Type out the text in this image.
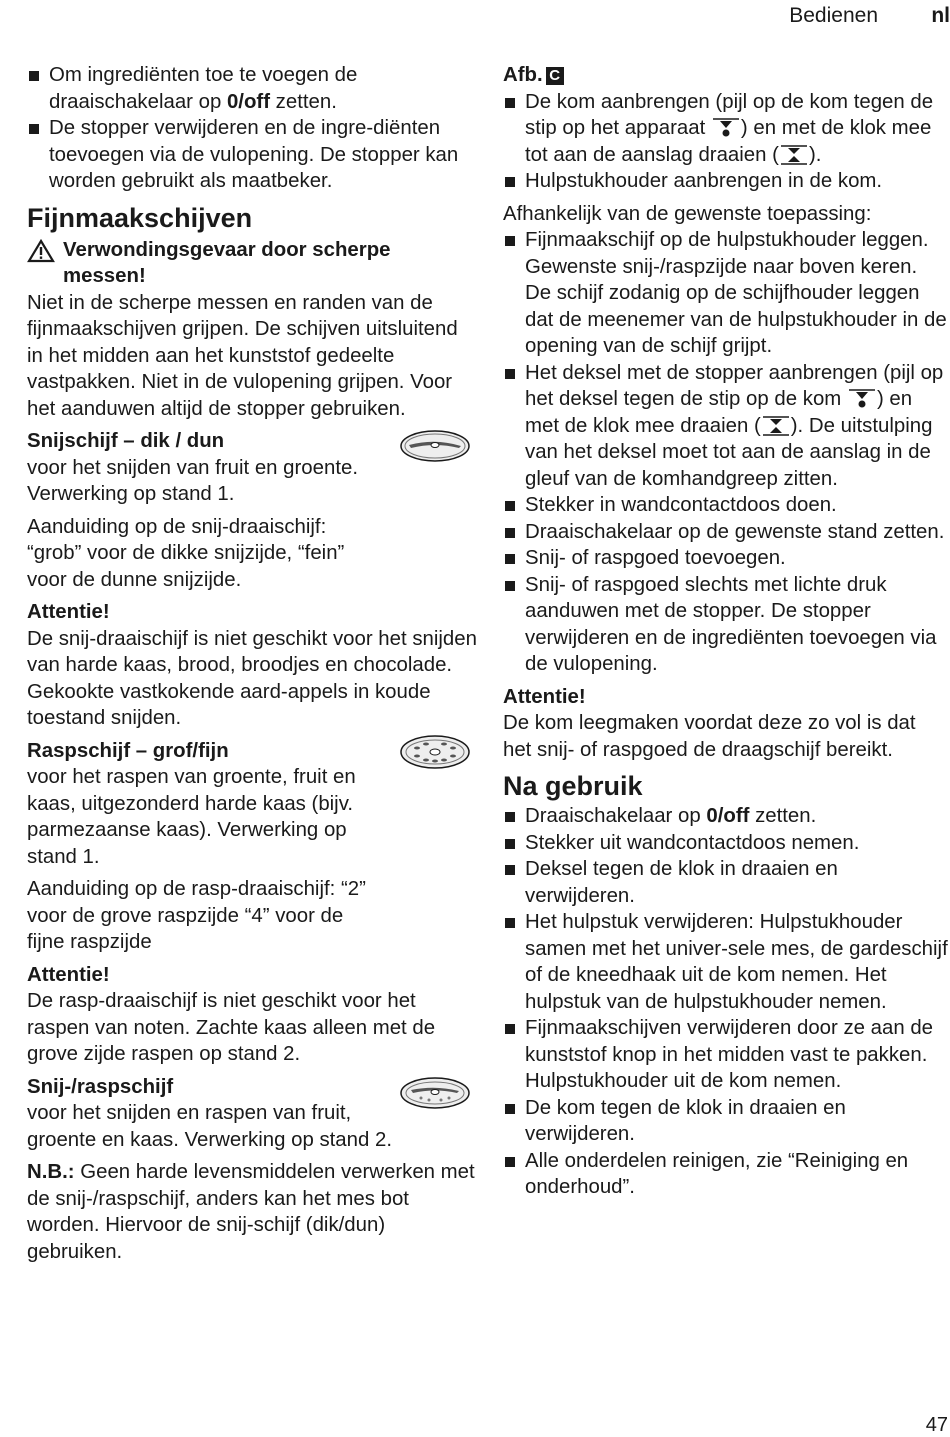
Bedienen	nl
Om ingrediënten toe te voegen de draaischakelaar op 0/off zetten.
De stopper verwijderen en de ingre-diënten toevoegen via de vulopening. De stopper kan worden gebruikt als maatbeker.
Fijnmaakschijven
Verwondingsgevaar door scherpe messen!
Niet in de scherpe messen en randen van de fijnmaakschijven grijpen. De schijven uitsluitend in het midden aan het kunststof gedeelte vastpakken. Niet in de vulopening grijpen. Voor het aanduwen altijd de stopper gebruiken.
Snijschijf – dik / dun
voor het snijden van fruit en groente. Verwerking op stand 1.
Aanduiding op de snij-draaischijf: “grob” voor de dikke snijzijde, “fein” voor de dunne snijzijde.
Attentie!
De snij-draaischijf is niet geschikt voor het snijden van harde kaas, brood, broodjes en chocolade. Gekookte vastkokende aard-appels in koude toestand snijden.
Raspschijf – grof/fijn
voor het raspen van groente, fruit en kaas, uitgezonderd harde kaas (bijv. parmezaanse kaas). Verwerking op stand 1.
Aanduiding op de rasp-draaischijf: “2” voor de grove raspzijde “4” voor de fijne raspzijde
Attentie!
De rasp-draaischijf is niet geschikt voor het raspen van noten. Zachte kaas alleen met de grove zijde raspen op stand 2.
Snij-/raspschijf
voor het snijden en raspen van fruit, groente en kaas. Verwerking op stand 2.
N.B.: Geen harde levensmiddelen verwerken met de snij-/raspschijf, anders kan het mes bot worden. Hiervoor de snij-schijf (dik/dun) gebruiken.
Afb. C
De kom aanbrengen (pijl op de kom tegen de stip op het apparaat ) en met de klok mee tot aan de aanslag draaien ( ).
Hulpstukhouder aanbrengen in de kom.
Afhankelijk van de gewenste toepassing:
Fijnmaakschijf op de hulpstukhouder leggen. Gewenste snij-/raspzijde naar boven keren. De schijf zodanig op de schijfhouder leggen dat de meenemer van de hulpstukhouder in de opening van de schijf grijpt.
Het deksel met de stopper aanbrengen (pijl op het deksel tegen de stip op de kom ) en met de klok mee draaien ( ). De uitstulping van het deksel moet tot aan de aanslag in de gleuf van de komhandgreep zitten.
Stekker in wandcontactdoos doen.
Draaischakelaar op de gewenste stand zetten.
Snij- of raspgoed toevoegen.
Snij- of raspgoed slechts met lichte druk aanduwen met de stopper. De stopper verwijderen en de ingrediënten toevoegen via de vulopening.
Attentie!
De kom leegmaken voordat deze zo vol is dat het snij- of raspgoed de draagschijf bereikt.
Na gebruik
Draaischakelaar op 0/off zetten.
Stekker uit wandcontactdoos nemen.
Deksel tegen de klok in draaien en verwijderen.
Het hulpstuk verwijderen: Hulpstukhouder samen met het univer-sele mes, de gardeschijf of de kneedhaak uit de kom nemen. Het hulpstuk van de hulpstukhouder nemen.
Fijnmaakschijven verwijderen door ze aan de kunststof knop in het midden vast te pakken. Hulpstukhouder uit de kom nemen.
De kom tegen de klok in draaien en verwijderen.
Alle onderdelen reinigen, zie “Reiniging en onderhoud”.
47
